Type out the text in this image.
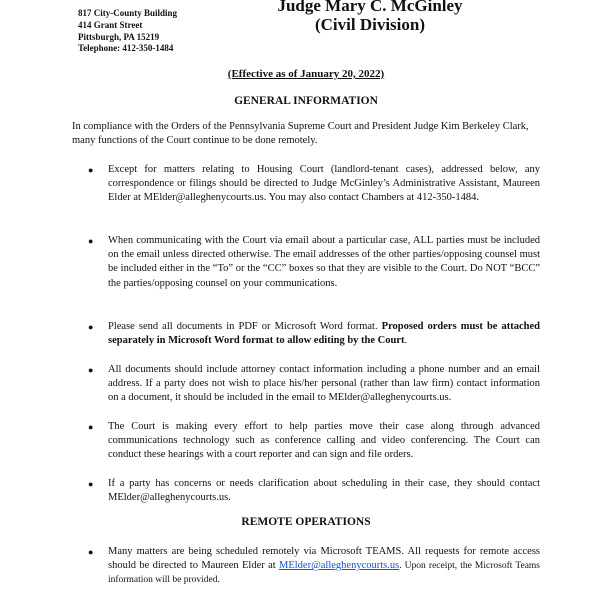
817 City-County Building
414 Grant Street
Pittsburgh, PA 15219
Telephone: 412-350-1484
Judge Mary C. McGinley
(Civil Division)
(Effective as of January 20, 2022)
GENERAL INFORMATION
In compliance with the Orders of the Pennsylvania Supreme Court and President Judge Kim Berkeley Clark, many functions of the Court continue to be done remotely.
● Except for matters relating to Housing Court (landlord-tenant cases), addressed below, any correspondence or filings should be directed to Judge McGinley’s Administrative Assistant, Maureen Elder at MElder@alleghenycourts.us. You may also contact Chambers at 412-350-1484.
● When communicating with the Court via email about a particular case, ALL parties must be included on the email unless directed otherwise. The email addresses of the other parties/opposing counsel must be included either in the “To” or the “CC” boxes so that they are visible to the Court. Do NOT “BCC” the parties/opposing counsel on your communications.
● Please send all documents in PDF or Microsoft Word format. Proposed orders must be attached separately in Microsoft Word format to allow editing by the Court.
● All documents should include attorney contact information including a phone number and an email address. If a party does not wish to place his/her personal (rather than law firm) contact information on a document, it should be included in the email to MElder@alleghenycourts.us.
● The Court is making every effort to help parties move their case along through advanced communications technology such as conference calling and video conferencing. The Court can conduct these hearings with a court reporter and can sign and file orders.
● If a party has concerns or needs clarification about scheduling in their case, they should contact MElder@alleghenycourts.us.
REMOTE OPERATIONS
● Many matters are being scheduled remotely via Microsoft TEAMS. All requests for remote access should be directed to Maureen Elder at MElder@alleghenycourts.us. Upon receipt, the Microsoft Teams information will be provided.
